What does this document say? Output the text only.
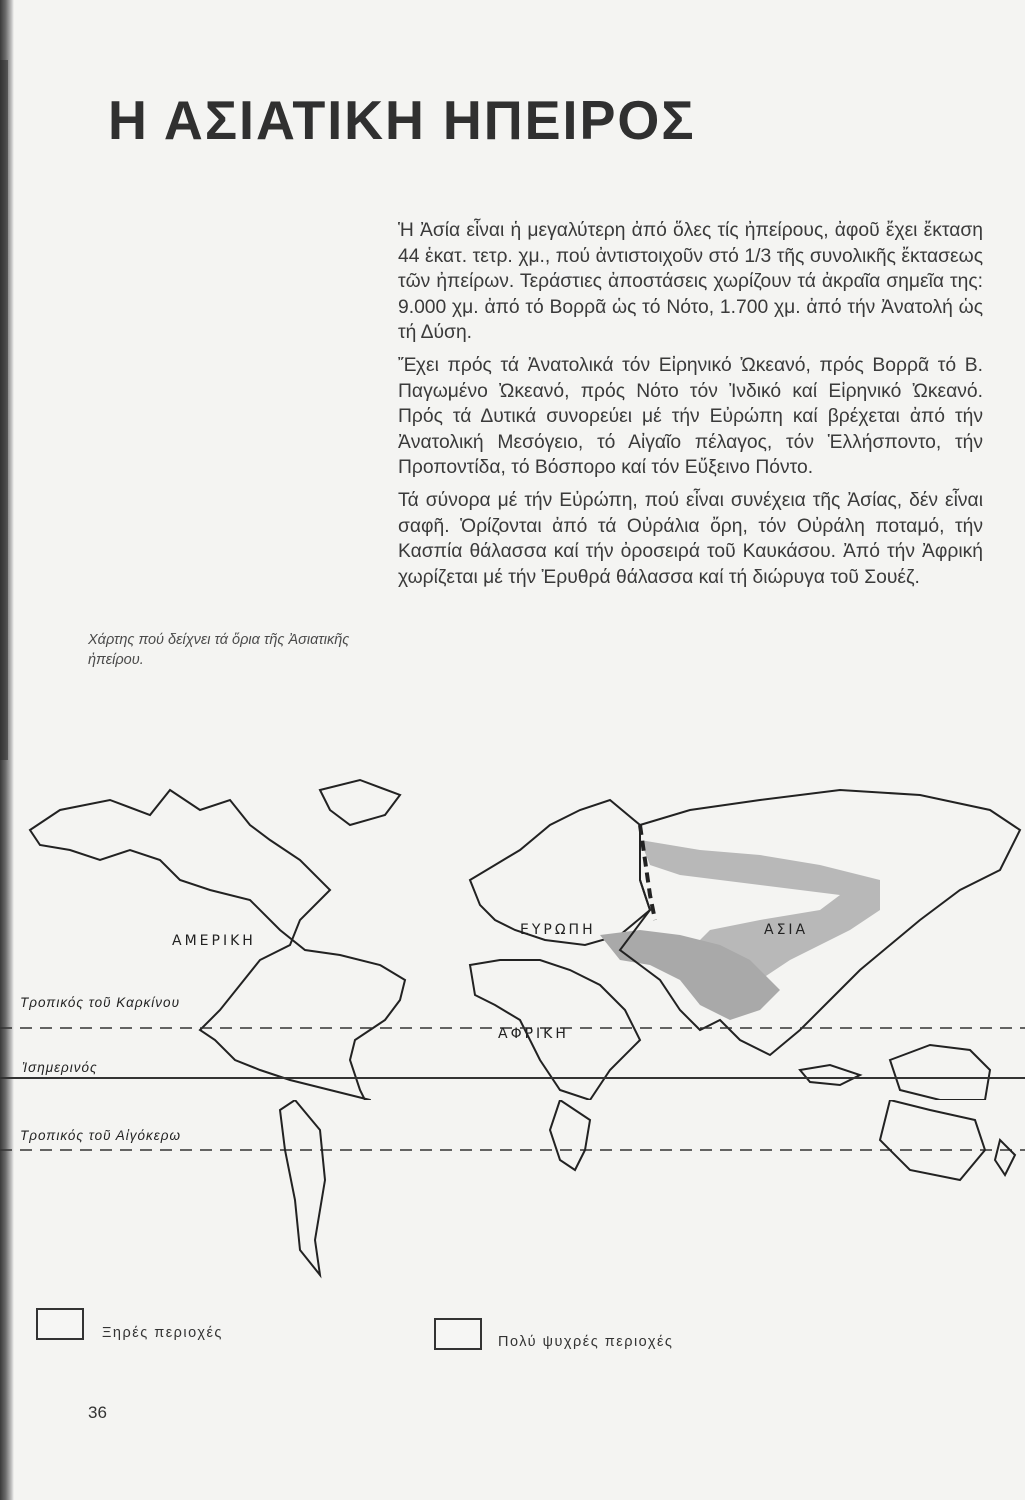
Η ΑΣΙΑΤΙΚΗ ΗΠΕΙΡΟΣ

Ἡ Ἀσία εἶναι ἡ μεγαλύτερη ἀπό ὅλες τίς ἠπείρους, ἀφοῦ ἔχει ἔκταση 44 ἑκατ. τετρ. χμ., πού ἀντιστοιχοῦν στό 1/3 τῆς συνολικῆς ἔκτασεως τῶν ἠπείρων. Τεράστιες ἀποστάσεις χωρίζουν τά ἀκραῖα σημεῖα της: 9.000 χμ. ἀπό τό Βορρᾶ ὡς τό Νότο, 1.700 χμ. ἀπό τήν Ἀνατολή ὡς τή Δύση.

Ἔχει πρός τά Ἀνατολικά τόν Εἰρηνικό Ὠκεανό, πρός Βορρᾶ τό Β. Παγωμένο Ὠκεανό, πρός Νότο τόν Ἰνδικό καί Εἰρηνικό Ὠκεανό. Πρός τά Δυτικά συνορεύει μέ τήν Εὐρώπη καί βρέχεται ἀπό τήν Ἀνατολική Μεσόγειο, τό Αἰγαῖο πέλαγος, τόν Ἑλλήσποντο, τήν Προποντίδα, τό Βόσπορο καί τόν Εὔξεινο Πόντο.

Τά σύνορα μέ τήν Εὐρώπη, πού εἶναι συνέχεια τῆς Ἀσίας, δέν εἶναι σαφῆ. Ὁρίζονται ἀπό τά Οὐράλια ὄρη, τόν Οὐράλη ποταμό, τήν Κασπία θάλασσα καί τήν ὀροσειρά τοῦ Καυκάσου. Ἀπό τήν Ἀφρική χωρίζεται μέ τήν Ἐρυθρά θάλασσα καί τή διώρυγα τοῦ Σουέζ.

Χάρτης πού δείχνει τά ὅρια τῆς Ἀσιατικῆς ἠπείρου.
ΑΜΕΡΙΚΗ
ΕΥΡΩΠΗ	ΑΣΙΑ
ΑΦΡΙΚΗ
Τροπικός τοῦ Καρκίνου
Ἰσημερινός
Τροπικός τοῦ Αἰγόκερω
Ξηρές περιοχές
Πολύ ψυχρές περιοχές
36
